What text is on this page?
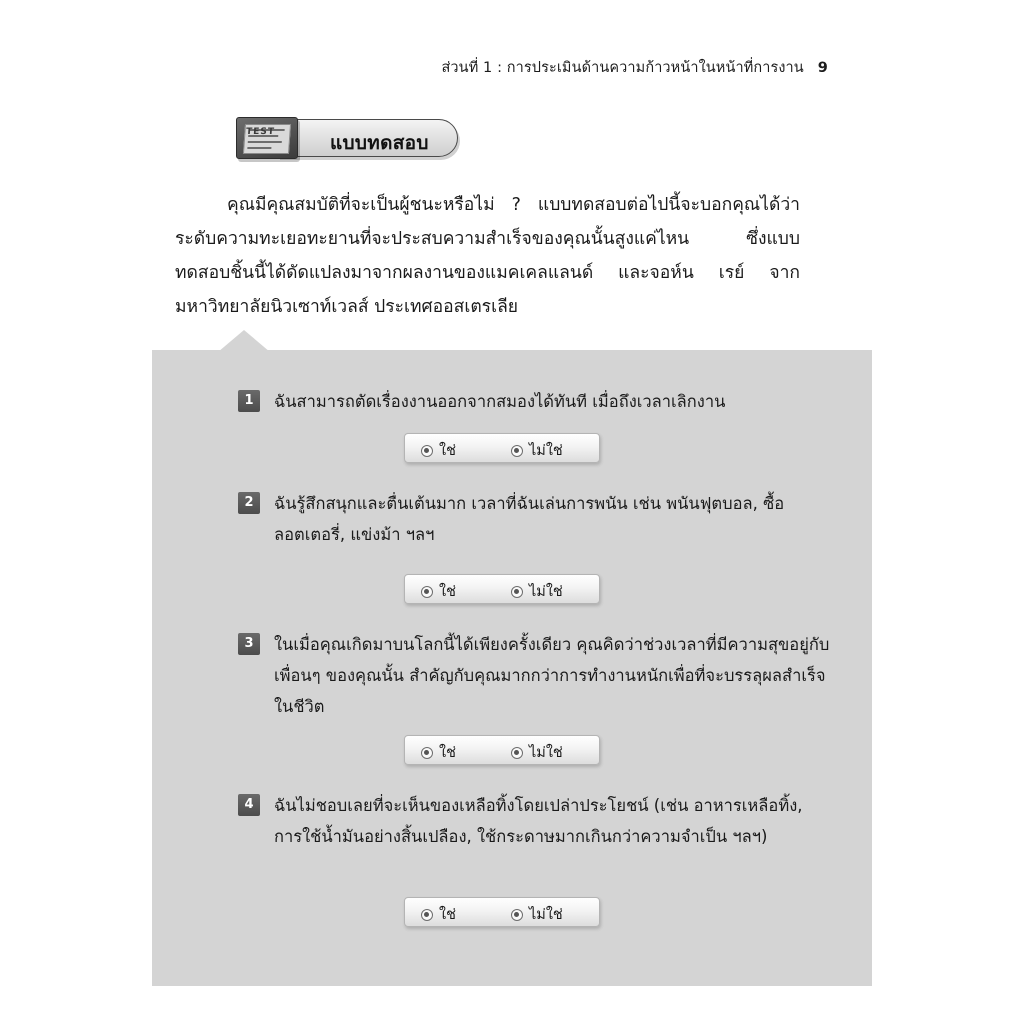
ส่วนที่ 1 : การประเมินด้านความก้าวหน้าในหน้าที่การงาน 9
แบบทดสอบ
TEST
คุณมีคุณสมบัติที่จะเป็นผู้ชนะหรือไม่ ? แบบทดสอบต่อไปนี้จะบอกคุณได้ว่าระดับความทะเยอทะยานที่จะประสบความสำเร็จของคุณนั้นสูงแค่ไหน ซึ่งแบบทดสอบชิ้นนี้ได้ดัดแปลงมาจากผลงานของแมคเคลแลนด์ และจอห์น เรย์ จากมหาวิทยาลัยนิวเซาท์เวลส์ ประเทศออสเตรเลีย
1	ฉันสามารถตัดเรื่องงานออกจากสมองได้ทันที เมื่อถึงเวลาเลิกงาน
ใช่	ไม่ใช่
2	ฉันรู้สึกสนุกและตื่นเต้นมาก เวลาที่ฉันเล่นการพนัน เช่น พนันฟุตบอล, ซื้อลอตเตอรี่, แข่งม้า ฯลฯ
ใช่	ไม่ใช่
3	ในเมื่อคุณเกิดมาบนโลกนี้ได้เพียงครั้งเดียว คุณคิดว่าช่วงเวลาที่มีความสุขอยู่กับเพื่อนๆ ของคุณนั้น สำคัญกับคุณมากกว่าการทำงานหนักเพื่อที่จะบรรลุผลสำเร็จในชีวิต
ใช่	ไม่ใช่
4	ฉันไม่ชอบเลยที่จะเห็นของเหลือทิ้งโดยเปล่าประโยชน์ (เช่น อาหารเหลือทิ้ง, การใช้น้ำมันอย่างสิ้นเปลือง, ใช้กระดาษมากเกินกว่าความจำเป็น ฯลฯ)
ใช่	ไม่ใช่
